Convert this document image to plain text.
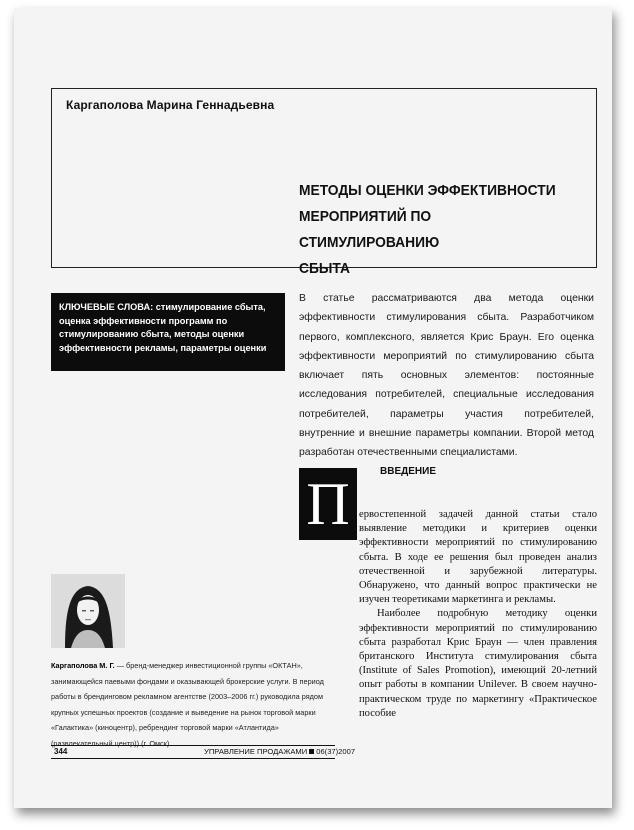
Каргаполова Марина Геннадьевна
МЕТОДЫ ОЦЕНКИ ЭФФЕКТИВНОСТИ
МЕРОПРИЯТИЙ ПО СТИМУЛИРОВАНИЮ
СБЫТА
КЛЮЧЕВЫЕ СЛОВА: стимулирование сбыта, оценка эффективности программ по стимулированию сбыта, методы оценки эффективности рекламы, параметры оценки
В статье рассматриваются два метода оценки эффективности стимулирования сбыта. Разработчиком первого, комплексного, является Крис Браун. Его оценка эффективности мероприятий по стимулированию сбыта включает пять основных элементов: постоянные исследования потребителей, специальные исследования потребителей, параметры участия потребителей, внутренние и внешние параметры компании. Второй метод разработан отечественными специалистами.
П	ВВЕДЕНИЕ

ервостепенной задачей данной статьи стало выявление методики и критериев оценки эффективности мероприятий по стимулированию сбыта. В ходе ее решения был проведен анализ отечественной и зарубежной литературы. Обнаружено, что данный вопрос практически не изучен теоретиками маркетинга и рекламы.

Наиболее подробную методику оценки эффективности мероприятий по стимулированию сбыта разработал Крис Браун — член правления британского Института стимулирования сбыта (Institute of Sales Promotion), имеющий 20-летний опыт работы в компании Unilever. В своем научно-практическом труде по маркетингу «Практическое пособие

Каргаполова М. Г. — бренд-менеджер инвестиционной группы «ОКТАН», занимающейся паевыми фондами и оказывающей брокерские услуги. В период работы в брендинговом рекламном агентстве (2003–2006 гг.) руководила рядом крупных успешных проектов (создание и выведение на рынок торговой марки «Галактика» (кинoцентр), ребрендинг торговой марки «Атлантида» (развлекательный центр)) (г. Омск)
344	УПРАВЛЕНИЕ ПРОДАЖАМИ 06(37)2007
